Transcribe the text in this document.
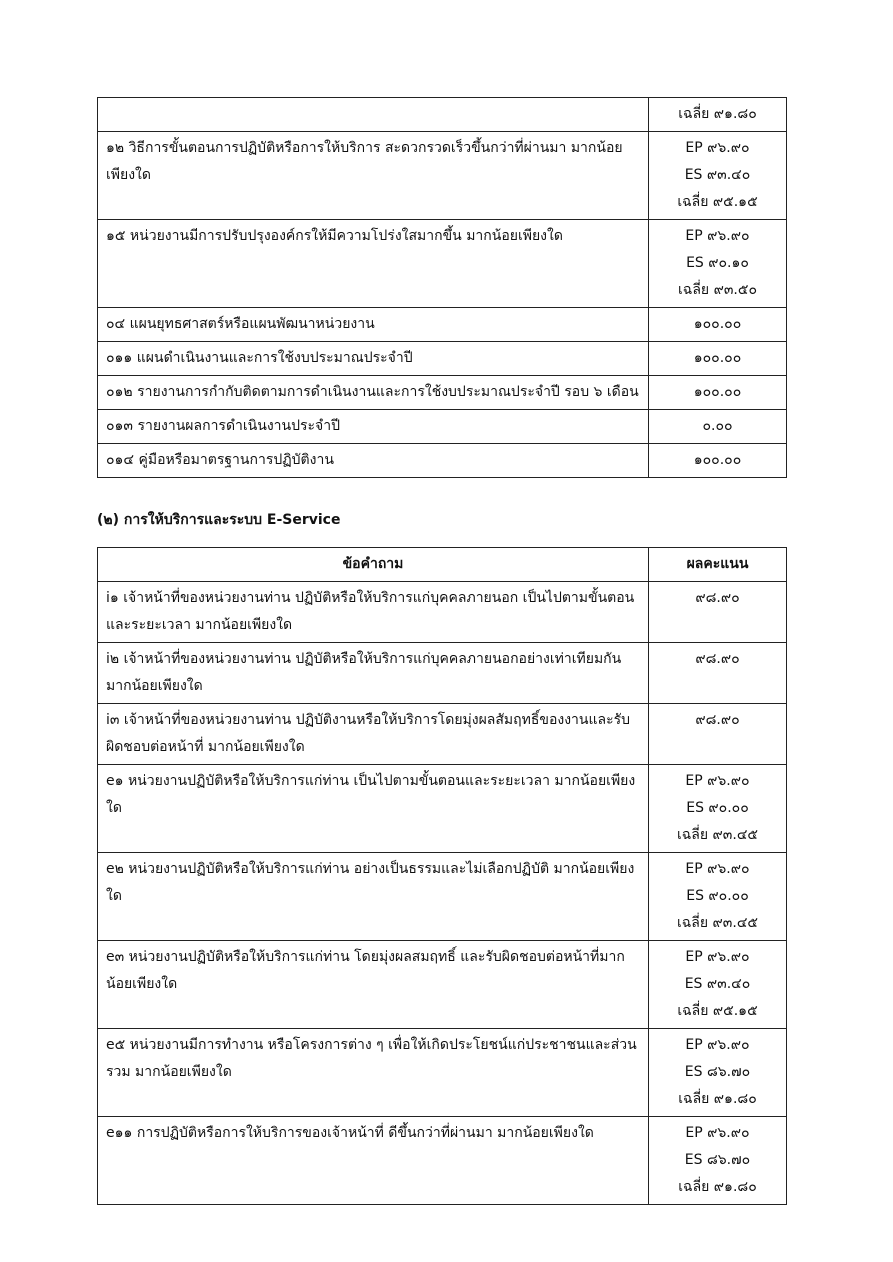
	เฉลี่ย ๙๑.๘๐

๑๒ วิธีการขั้นตอนการปฏิบัติหรือการให้บริการ สะดวกรวดเร็วขึ้นกว่าที่ผ่านมา มากน้อยเพียงใด	EP ๙๖.๙๐
ES ๙๓.๔๐
เฉลี่ย ๙๕.๑๕

๑๕ หน่วยงานมีการปรับปรุงองค์กรให้มีความโปร่งใสมากขึ้น มากน้อยเพียงใด	EP ๙๖.๙๐
ES ๙๐.๑๐
เฉลี่ย ๙๓.๕๐

๐๔ แผนยุทธศาสตร์หรือแผนพัฒนาหน่วยงาน	๑๐๐.๐๐

๐๑๑ แผนดำเนินงานและการใช้งบประมาณประจำปี	๑๐๐.๐๐

๐๑๒ รายงานการกำกับติดตามการดำเนินงานและการใช้งบประมาณประจำปี รอบ ๖ เดือน	๑๐๐.๐๐

๐๑๓ รายงานผลการดำเนินงานประจำปี	๐.๐๐

๐๑๔ คู่มือหรือมาตรฐานการปฏิบัติงาน	๑๐๐.๐๐
(๒) การให้บริการและระบบ E-Service
ข้อคำถาม	ผลคะแนน
i๑ เจ้าหน้าที่ของหน่วยงานท่าน ปฏิบัติหรือให้บริการแก่บุคคลภายนอก เป็นไปตามขั้นตอนและระยะเวลา มากน้อยเพียงใด	๙๘.๙๐

i๒ เจ้าหน้าที่ของหน่วยงานท่าน ปฏิบัติหรือให้บริการแก่บุคคลภายนอกอย่างเท่าเทียมกัน มากน้อยเพียงใด	๙๘.๙๐

i๓ เจ้าหน้าที่ของหน่วยงานท่าน ปฏิบัติงานหรือให้บริการโดยมุ่งผลสัมฤทธิ์ของงานและรับผิดชอบต่อหน้าที่ มากน้อยเพียงใด	๙๘.๙๐

e๑ หน่วยงานปฏิบัติหรือให้บริการแก่ท่าน เป็นไปตามขั้นตอนและระยะเวลา มากน้อยเพียงใด	EP ๙๖.๙๐
ES ๙๐.๐๐
เฉลี่ย ๙๓.๔๕

e๒ หน่วยงานปฏิบัติหรือให้บริการแก่ท่าน อย่างเป็นธรรมและไม่เลือกปฏิบัติ มากน้อยเพียงใด	EP ๙๖.๙๐
ES ๙๐.๐๐
เฉลี่ย ๙๓.๔๕

e๓ หน่วยงานปฏิบัติหรือให้บริการแก่ท่าน โดยมุ่งผลสมฤทธิ์ และรับผิดชอบต่อหน้าที่มากน้อยเพียงใด	EP ๙๖.๙๐
ES ๙๓.๔๐
เฉลี่ย ๙๕.๑๕

e๕ หน่วยงานมีการทำงาน หรือโครงการต่าง ๆ เพื่อให้เกิดประโยชน์แก่ประชาชนและส่วนรวม มากน้อยเพียงใด	EP ๙๖.๙๐
ES ๘๖.๗๐
เฉลี่ย ๙๑.๘๐

e๑๑ การปฏิบัติหรือการให้บริการของเจ้าหน้าที่ ดีขึ้นกว่าที่ผ่านมา มากน้อยเพียงใด	EP ๙๖.๙๐
ES ๘๖.๗๐
เฉลี่ย ๙๑.๘๐
